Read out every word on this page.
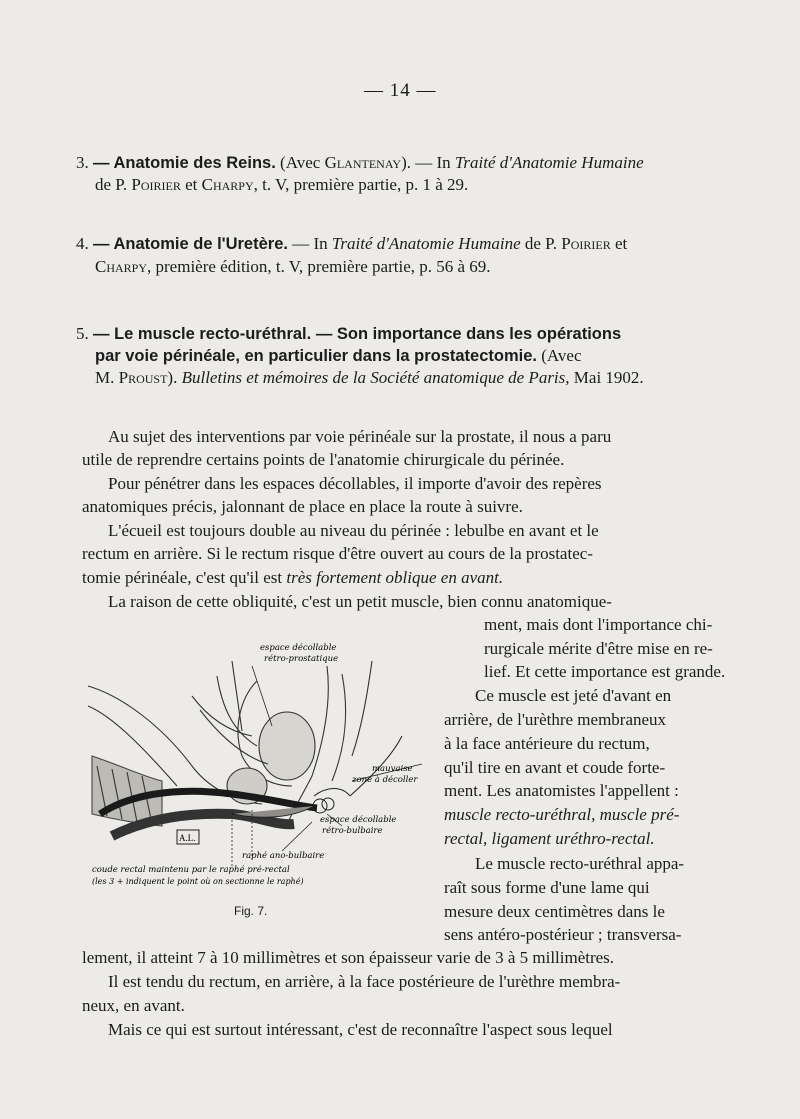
— 14 —
3. — Anatomie des Reins. (Avec Glantenay). — In Traité d'Anatomie Humaine
de P. Poirier et Charpy, t. V, première partie, p. 1 à 29.
4. — Anatomie de l'Uretère. — In Traité d'Anatomie Humaine de P. Poirier et
Charpy, première édition, t. V, première partie, p. 56 à 69.
5. — Le muscle recto-uréthral. — Son importance dans les opérations
par voie périnéale, en particulier dans la prostatectomie. (Avec
M. Proust). Bulletins et mémoires de la Société anatomique de Paris, Mai 1902.
Au sujet des interventions par voie périnéale sur la prostate, il nous a paru
utile de reprendre certains points de l'anatomie chirurgicale du périnée.
Pour pénétrer dans les espaces décollables, il importe d'avoir des repères
anatomiques précis, jalonnant de place en place la route à suivre.
L'écueil est toujours double au niveau du périnée : lebulbe en avant et le
rectum en arrière. Si le rectum risque d'être ouvert au cours de la prostatec-
tomie périnéale, c'est qu'il est très fortement oblique en avant.
La raison de cette obliquité, c'est un petit muscle, bien connu anatomique-
ment, mais dont l'importance chi-
rurgicale mérite d'être mise en re-
lief. Et cette importance est grande.
Ce muscle est jeté d'avant en
arrière, de l'urèthre membraneux
à la face antérieure du rectum,
qu'il tire en avant et coude forte-
ment. Les anatomistes l'appellent :
muscle recto-uréthral, muscle pré-
rectal, ligament uréthro-rectal.
Le muscle recto-uréthral appa-
raît sous forme d'une lame qui
mesure deux centimètres dans le
sens antéro-postérieur ; transversa-
lement, il atteint 7 à 10 millimètres et son épaisseur varie de 3 à 5 millimètres.
Il est tendu du rectum, en arrière, à la face postérieure de l'urèthre membra-
neux, en avant.
Mais ce qui est surtout intéressant, c'est de reconnaître l'aspect sous lequel
A.L.
espace décollable
rétro-prostatique
mauvaise
zone à décoller
espace décollable
rétro-bulbaire
raphé ano-bulbaire
coude rectal maintenu par le raphé pré-rectal
(les 3 + indiquent le point où on sectionne le raphé)
Fig. 7.
